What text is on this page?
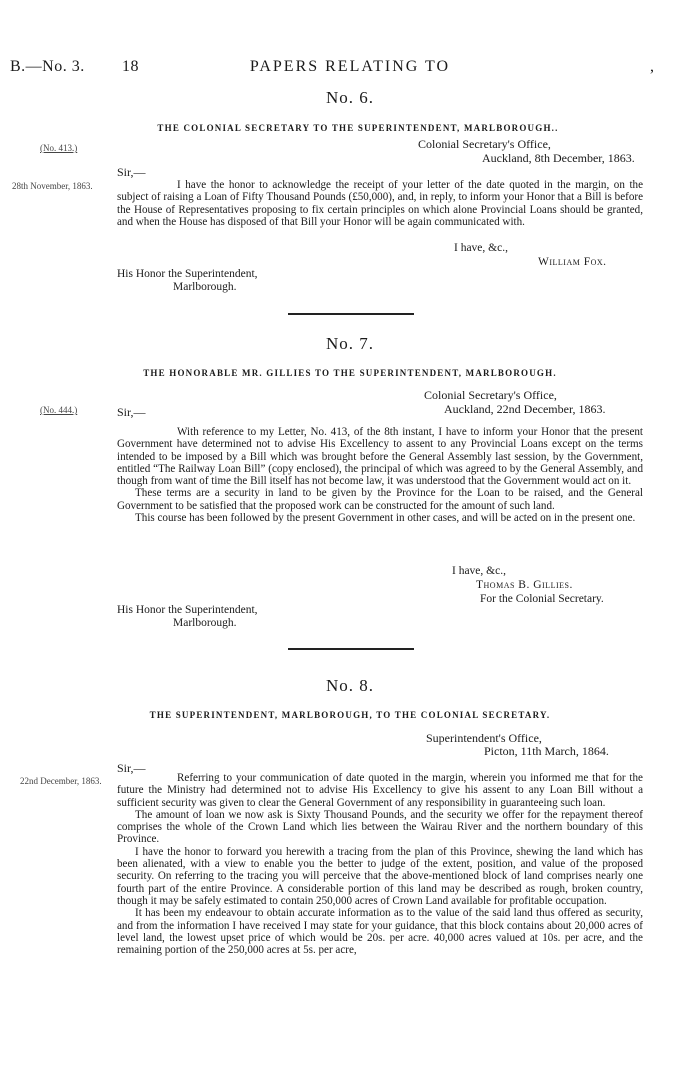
B.—No. 3. 18	PAPERS RELATING TO	,
No. 6.
THE COLONIAL SECRETARY TO THE SUPERINTENDENT, MARLBOROUGH..
Colonial Secretary's Office,
Auckland, 8th December, 1863.
(No. 413.)
Sir,—
28th November, 1863.	I have the honor to acknowledge the receipt of your letter of the date quoted in the margin, on the subject of raising a Loan of Fifty Thousand Pounds (£50,000), and, in reply, to inform your Honor that a Bill is before the House of Representatives proposing to fix certain principles on which alone Provincial Loans should be granted, and when the House has disposed of that Bill your Honor will be again communicated with.

I have, &c.,
William Fox.
His Honor the Superintendent,
Marlborough.
No. 7.
THE HONORABLE MR. GILLIES TO THE SUPERINTENDENT, MARLBOROUGH.
Colonial Secretary's Office,
Auckland, 22nd December, 1863.
(No. 444.)	Sir,—

With reference to my Letter, No. 413, of the 8th instant, I have to inform your Honor that the present Government have determined not to advise His Excellency to assent to any Provincial Loans except on the terms intended to be imposed by a Bill which was brought before the General Assembly last session, by the Government, entitled “The Railway Loan Bill” (copy enclosed), the principal of which was agreed to by the General Assembly, and though from want of time the Bill itself has not become law, it was understood that the Government would act on it.

These terms are a security in land to be given by the Province for the Loan to be raised, and the General Government to be satisfied that the proposed work can be constructed for the amount of such land.

This course has been followed by the present Government in other cases, and will be acted on in the present one.

I have, &c.,
Thomas B. Gillies.
For the Colonial Secretary.
His Honor the Superintendent,
Marlborough.
No. 8.
THE SUPERINTENDENT, MARLBOROUGH, TO THE COLONIAL SECRETARY.
Superintendent's Office,
Picton, 11th March, 1864.
Sir,—
22nd December, 1863.	Referring to your communication of date quoted in the margin, wherein you informed me that for the future the Ministry had determined not to advise His Excellency to give his assent to any Loan Bill without a sufficient security was given to clear the General Government of any responsibility in guaranteeing such loan.

The amount of loan we now ask is Sixty Thousand Pounds, and the security we offer for the repayment thereof comprises the whole of the Crown Land which lies between the Wairau River and the northern boundary of this Province.

I have the honor to forward you herewith a tracing from the plan of this Province, shewing the land which has been alienated, with a view to enable you the better to judge of the extent, position, and value of the proposed security. On referring to the tracing you will perceive that the above-mentioned block of land comprises nearly one fourth part of the entire Province. A considerable portion of this land may be described as rough, broken country, though it may be safely estimated to contain 250,000 acres of Crown Land available for profitable occupation.

It has been my endeavour to obtain accurate information as to the value of the said land thus offered as security, and from the information I have received I may state for your guidance, that this block contains about 20,000 acres of level land, the lowest upset price of which would be 20s. per acre. 40,000 acres valued at 10s. per acre, and the remaining portion of the 250,000 acres at 5s. per acre,
